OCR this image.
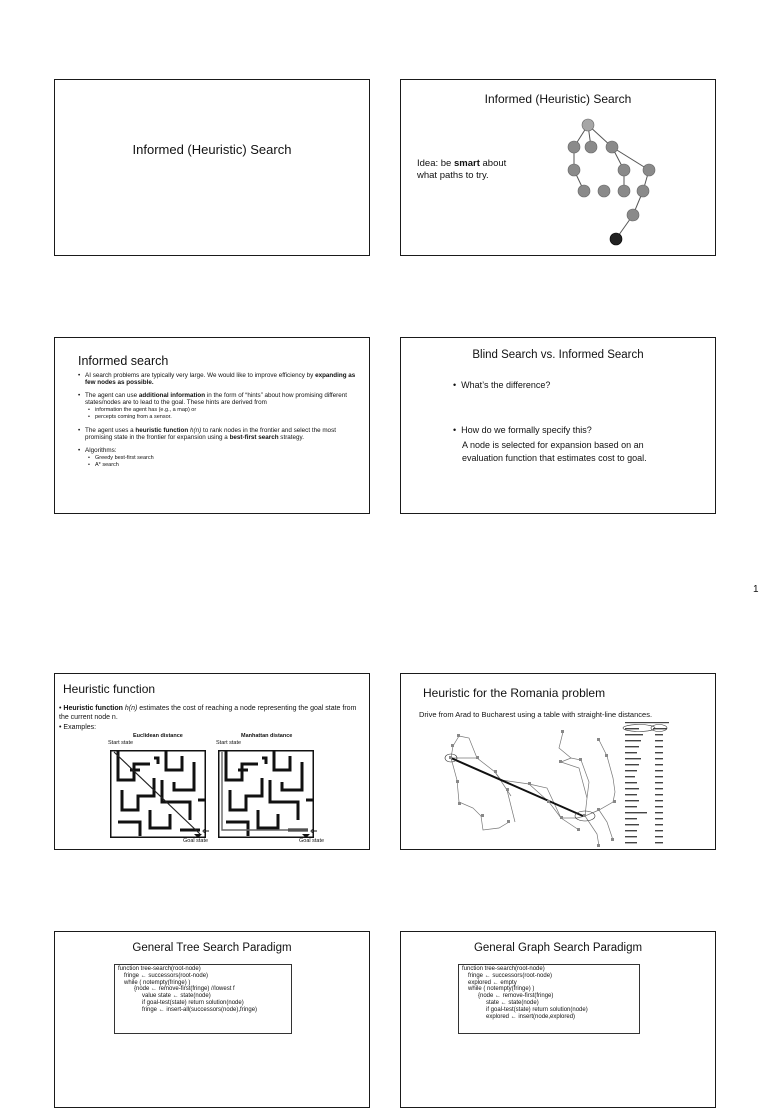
Informed (Heuristic) Search
Informed (Heuristic) Search
Idea: be smart about what paths to try.
Informed search
• AI search problems are typically very large. We would like to improve efficiency by expanding as few nodes as possible.
• The agent can use additional information in the form of “hints” about how promising different states/nodes are to lead to the goal. These hints are derived from
• information the agent has (e.g., a map) or
• percepts coming from a sensor.
• The agent uses a heuristic function h(n) to rank nodes in the frontier and select the most promising state in the frontier for expansion using a best-first search strategy.
• Algorithms:
• Greedy best-first search
• A* search
Blind Search vs. Informed Search
•  What’s the difference?
•  How do we formally specify this?
A node is selected for expansion based on an
evaluation function that estimates cost to goal.
Heuristic function
• Heuristic function h(n) estimates the cost of reaching a node representing the goal state from the current node n.
• Examples:
Euclidean distance	Manhattan distance
Start state	Start state
Goal state	Goal state
⇐	⇐
Heuristic for the Romania problem
Drive from Arad to Bucharest using a table with straight-line distances.
General Tree Search Paradigm
function tree-search(root-node)
fringe ← successors(root-node)
while ( notempty(fringe) )
{node ← remove-first(fringe) //lowest f
value state ← state(node)
if goal-test(state) return solution(node)
fringe ← insert-all(successors(node),fringe)
General Graph Search Paradigm
function tree-search(root-node)
fringe ← successors(root-node)
explored ← empty
while ( notempty(fringe) )
{node ← remove-first(fringe)
state ← state(node)
if goal-test(state) return solution(node)
explored ← insert(node,explored)
1
